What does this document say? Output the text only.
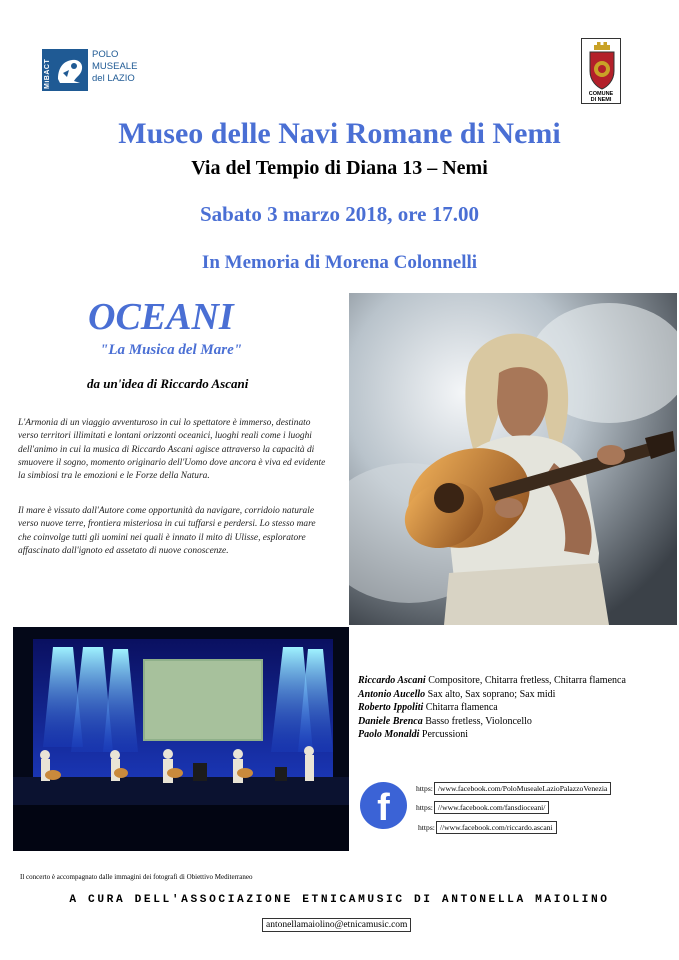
MiBACT
POLO
MUSEALE
del LAZIO
COMUNE
DI NEMI
Museo delle Navi Romane di Nemi
Via del Tempio di Diana 13 – Nemi
Sabato 3 marzo 2018, ore 17.00
In Memoria di Morena Colonnelli
OCEANI
"La Musica del Mare"
da un'idea di Riccardo Ascani
L'Armonia di un viaggio avventuroso in cui lo spettatore è immerso, destinato verso territori illimitati e lontani orizzonti oceanici, luoghi reali come i luoghi dell'animo in cui la musica di Riccardo Ascani agisce attraverso la capacità di smuovere il sogno, momento originario dell'Uomo dove ancora è viva ed evidente la simbiosi tra le emozioni e le Forze della Natura.
Il mare è vissuto dall'Autore come opportunità da navigare, corridoio naturale verso nuove terre, frontiera misteriosa in cui tuffarsi e perdersi. Lo stesso mare che coinvolge tutti gli uomini nei quali è innato il mito di Ulisse, esploratore affascinato dall'ignoto ed assetato di nuove conoscenze.
Riccardo Ascani Compositore, Chitarra fretless, Chitarra flamenca
Antonio Aucello Sax alto, Sax soprano; Sax midi
Roberto Ippoliti Chitarra flamenca
Daniele Brenca Basso fretless, Violoncello
Paolo Monaldi Percussioni
f	https: /www.facebook.com/PoloMusealeLazioPalazzoVenezia
https: //www.facebook.com/fansdioceani/
https: //www.facebook.com/riccardo.ascani
Il concerto è accompagnato dalle immagini dei fotografi di Obiettivo Mediterraneo
A CURA DELL'ASSOCIAZIONE ETNICAMUSIC DI ANTONELLA MAIOLINO
antonellamaiolino@etnicamusic.com
